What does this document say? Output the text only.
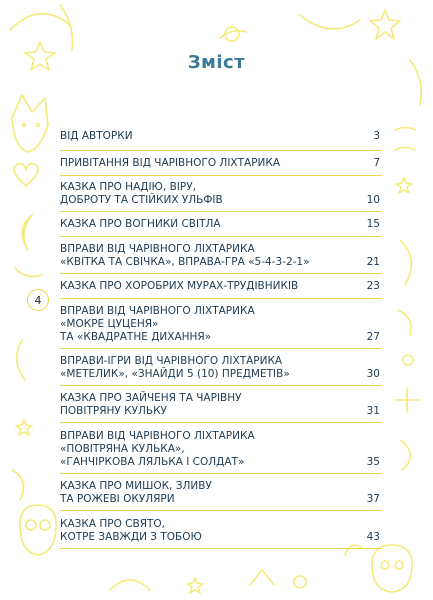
Зміст
4
ВІД АВТОРКИ	3
ПРИВІТАННЯ ВІД ЧАРІВНОГО ЛІХТАРИКА	7
КАЗКА ПРО НАДІЮ, ВІРУ,
ДОБРОТУ ТА СТІЙКИХ УЛЬФІВ	10
КАЗКА ПРО ВОГНИКИ СВІТЛА	15
ВПРАВИ ВІД ЧАРІВНОГО ЛІХТАРИКА
«КВІТКА ТА СВІЧКА», ВПРАВА-ГРА «5-4-3-2-1»	21
КАЗКА ПРО ХОРОБРИХ МУРАХ-ТРУДІВНИКІВ	23
ВПРАВИ ВІД ЧАРІВНОГО ЛІХТАРИКА
«МОКРЕ ЦУЦЕНЯ»
ТА «КВАДРАТНЕ ДИХАННЯ»	27
ВПРАВИ-ІГРИ ВІД ЧАРІВНОГО ЛІХТАРИКА
«МЕТЕЛИК», «ЗНАЙДИ 5 (10) ПРЕДМЕТІВ»	30
КАЗКА ПРО ЗАЙЧЕНЯ ТА ЧАРІВНУ
ПОВІТРЯНУ КУЛЬКУ	31
ВПРАВИ ВІД ЧАРІВНОГО ЛІХТАРИКА
«ПОВІТРЯНА КУЛЬКА»,
«ГАНЧІРКОВА ЛЯЛЬКА І СОЛДАТ»	35
КАЗКА ПРО МИШОК, ЗЛИВУ
ТА РОЖЕВІ ОКУЛЯРИ	37
КАЗКА ПРО СВЯТО,
КОТРЕ ЗАВЖДИ З ТОБОЮ	43
